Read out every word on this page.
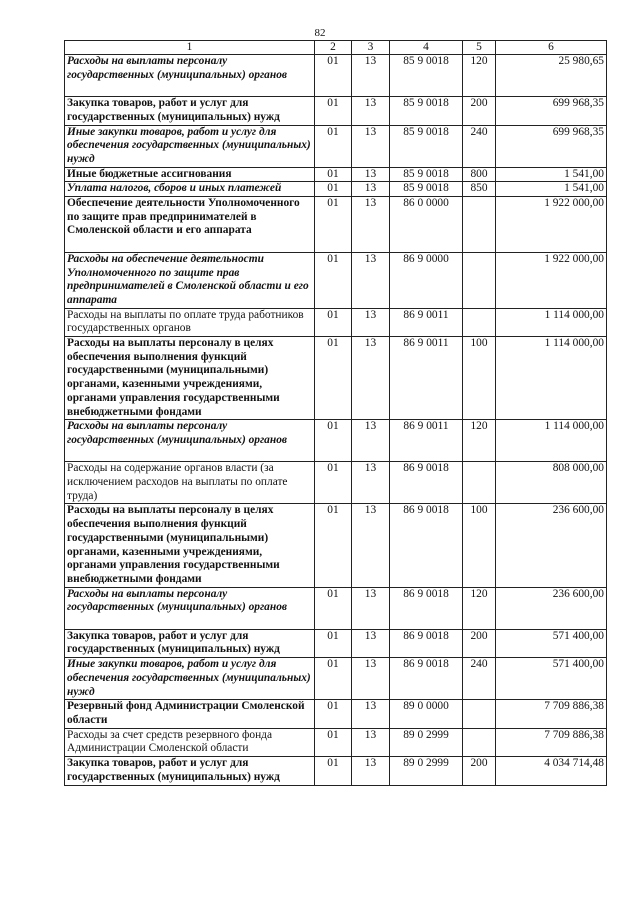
82
1	2	3	4	5	6
Расходы на выплаты персоналу государственных (муниципальных) органов	01	13	85 9 0018	120	25 980,65
Закупка товаров, работ и услуг для государственных (муниципальных) нужд	01	13	85 9 0018	200	699 968,35
Иные закупки товаров, работ и услуг для обеспечения государственных (муниципальных) нужд	01	13	85 9 0018	240	699 968,35
Иные бюджетные ассигнования	01	13	85 9 0018	800	1 541,00
Уплата налогов, сборов и иных платежей	01	13	85 9 0018	850	1 541,00
Обеспечение деятельности Уполномоченного по защите прав предпринимателей в Смоленской области и его аппарата	01	13	86 0 0000		1 922 000,00
Расходы на обеспечение деятельности Уполномоченного по защите прав предпринимателей в Смоленской области и его аппарата	01	13	86 9 0000		1 922 000,00
Расходы на выплаты по оплате труда работников государственных органов	01	13	86 9 0011		1 114 000,00
Расходы на выплаты персоналу в целях обеспечения выполнения функций государственными (муниципальными) органами, казенными учреждениями, органами управления государственными внебюджетными фондами	01	13	86 9 0011	100	1 114 000,00
Расходы на выплаты персоналу государственных (муниципальных) органов	01	13	86 9 0011	120	1 114 000,00
Расходы на содержание органов власти (за исключением расходов на выплаты по оплате труда)	01	13	86 9 0018		808 000,00
Расходы на выплаты персоналу в целях обеспечения выполнения функций государственными (муниципальными) органами, казенными учреждениями, органами управления государственными внебюджетными фондами	01	13	86 9 0018	100	236 600,00
Расходы на выплаты персоналу государственных (муниципальных) органов	01	13	86 9 0018	120	236 600,00
Закупка товаров, работ и услуг для государственных (муниципальных) нужд	01	13	86 9 0018	200	571 400,00
Иные закупки товаров, работ и услуг для обеспечения государственных (муниципальных) нужд	01	13	86 9 0018	240	571 400,00
Резервный фонд Администрации Смоленской области	01	13	89 0 0000		7 709 886,38
Расходы за счет средств резервного фонда Администрации Смоленской области	01	13	89 0 2999		7 709 886,38
Закупка товаров, работ и услуг для государственных (муниципальных) нужд	01	13	89 0 2999	200	4 034 714,48
